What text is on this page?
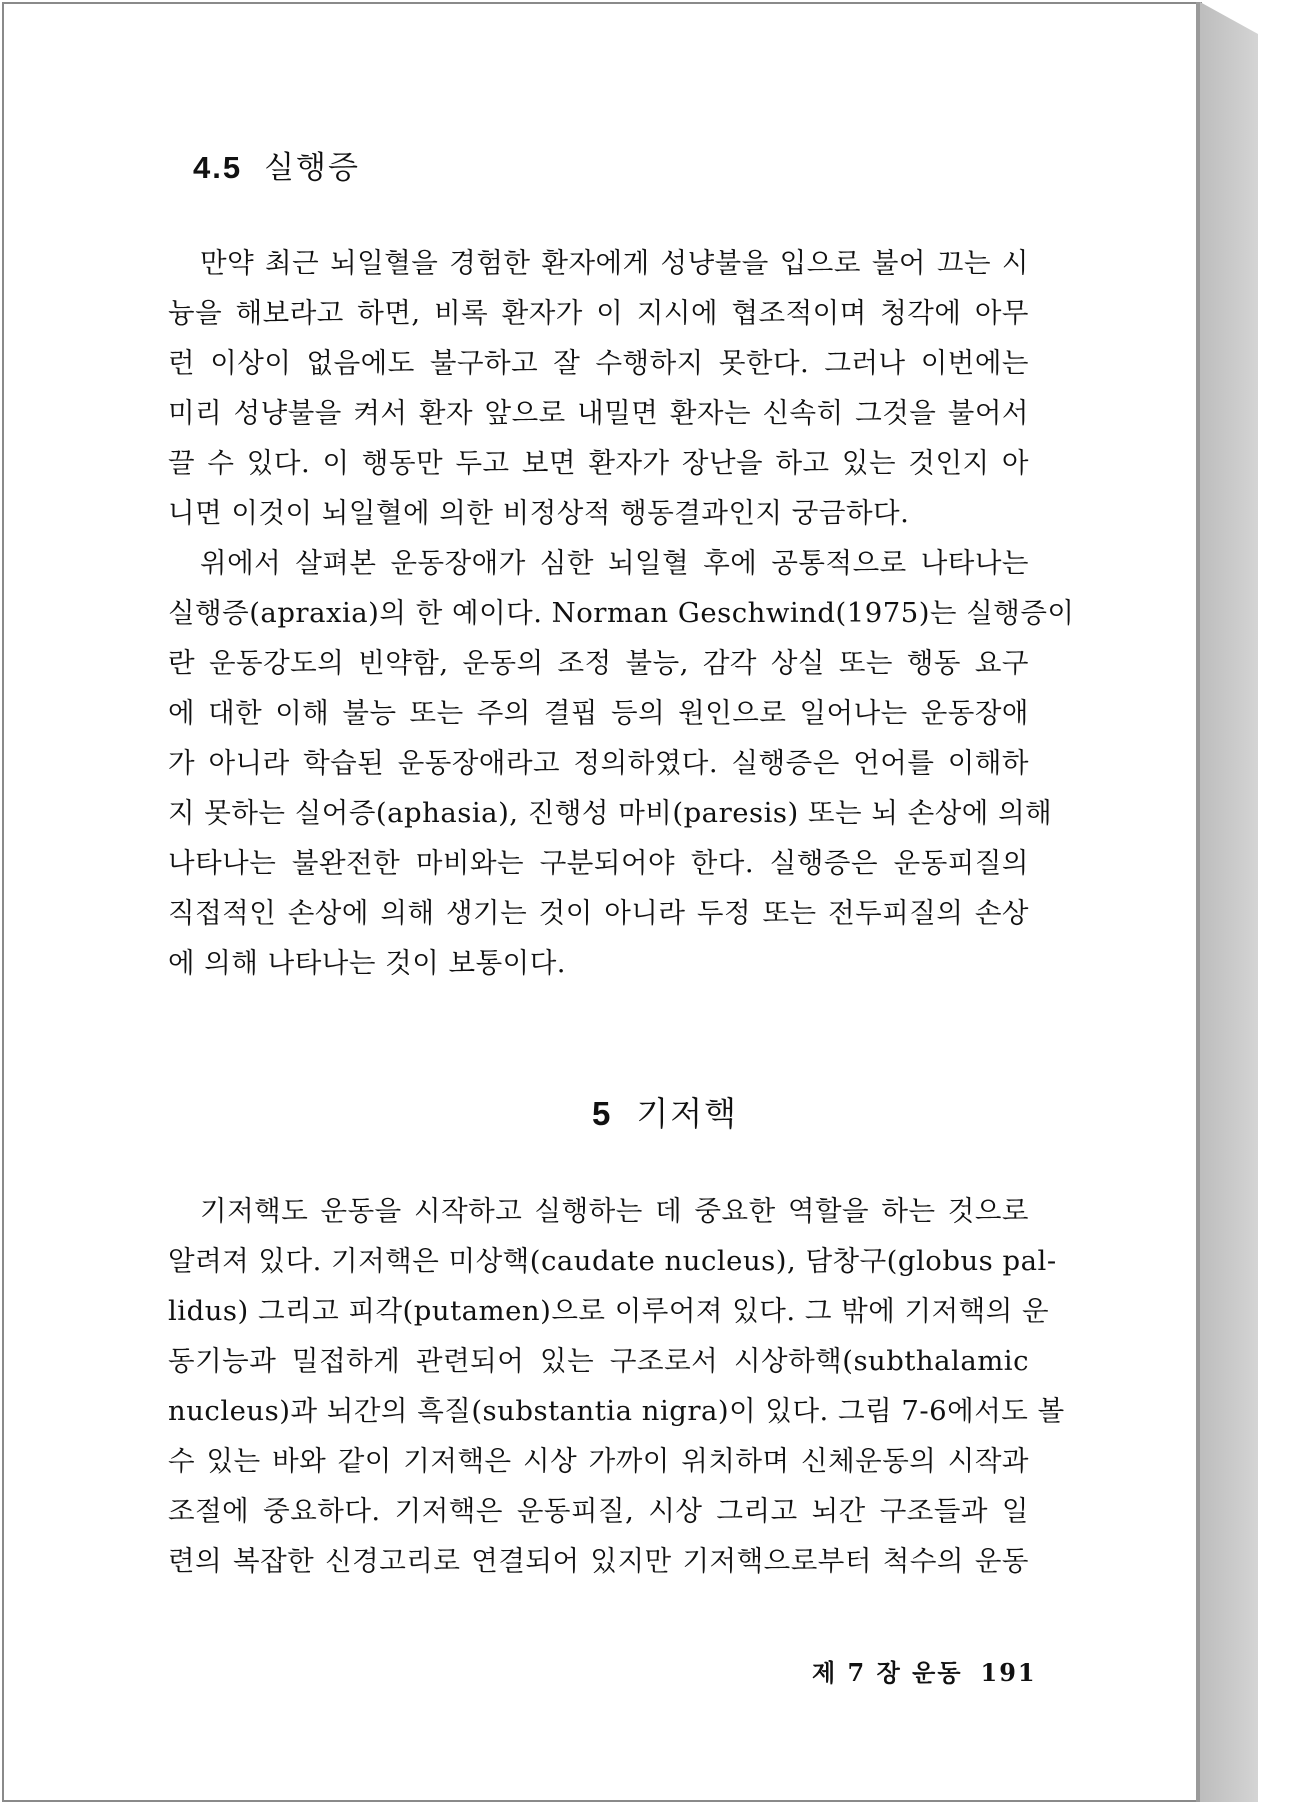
4.5 실행증
만약 최근 뇌일혈을 경험한 환자에게 성냥불을 입으로 불어 끄는 시
늉을 해보라고 하면, 비록 환자가 이 지시에 협조적이며 청각에 아무
런 이상이 없음에도 불구하고 잘 수행하지 못한다. 그러나 이번에는
미리 성냥불을 켜서 환자 앞으로 내밀면 환자는 신속히 그것을 불어서
끌 수 있다. 이 행동만 두고 보면 환자가 장난을 하고 있는 것인지 아
니면 이것이 뇌일혈에 의한 비정상적 행동결과인지 궁금하다.
위에서 살펴본 운동장애가 심한 뇌일혈 후에 공통적으로 나타나는
실행증(apraxia)의 한 예이다. Norman Geschwind(1975)는 실행증이
란 운동강도의 빈약함, 운동의 조정 불능, 감각 상실 또는 행동 요구
에 대한 이해 불능 또는 주의 결핍 등의 원인으로 일어나는 운동장애
가 아니라 학습된 운동장애라고 정의하였다. 실행증은 언어를 이해하
지 못하는 실어증(aphasia), 진행성 마비(paresis) 또는 뇌 손상에 의해
나타나는 불완전한 마비와는 구분되어야 한다. 실행증은 운동피질의
직접적인 손상에 의해 생기는 것이 아니라 두정 또는 전두피질의 손상
에 의해 나타나는 것이 보통이다.
5 기저핵
기저핵도 운동을 시작하고 실행하는 데 중요한 역할을 하는 것으로
알려져 있다. 기저핵은 미상핵(caudate nucleus), 담창구(globus pal-
lidus) 그리고 피각(putamen)으로 이루어져 있다. 그 밖에 기저핵의 운
동기능과 밀접하게 관련되어 있는 구조로서 시상하핵(subthalamic
nucleus)과 뇌간의 흑질(substantia nigra)이 있다. 그림 7-6에서도 볼
수 있는 바와 같이 기저핵은 시상 가까이 위치하며 신체운동의 시작과
조절에 중요하다. 기저핵은 운동피질, 시상 그리고 뇌간 구조들과 일
련의 복잡한 신경고리로 연결되어 있지만 기저핵으로부터 척수의 운동
제 7 장 운동 191
